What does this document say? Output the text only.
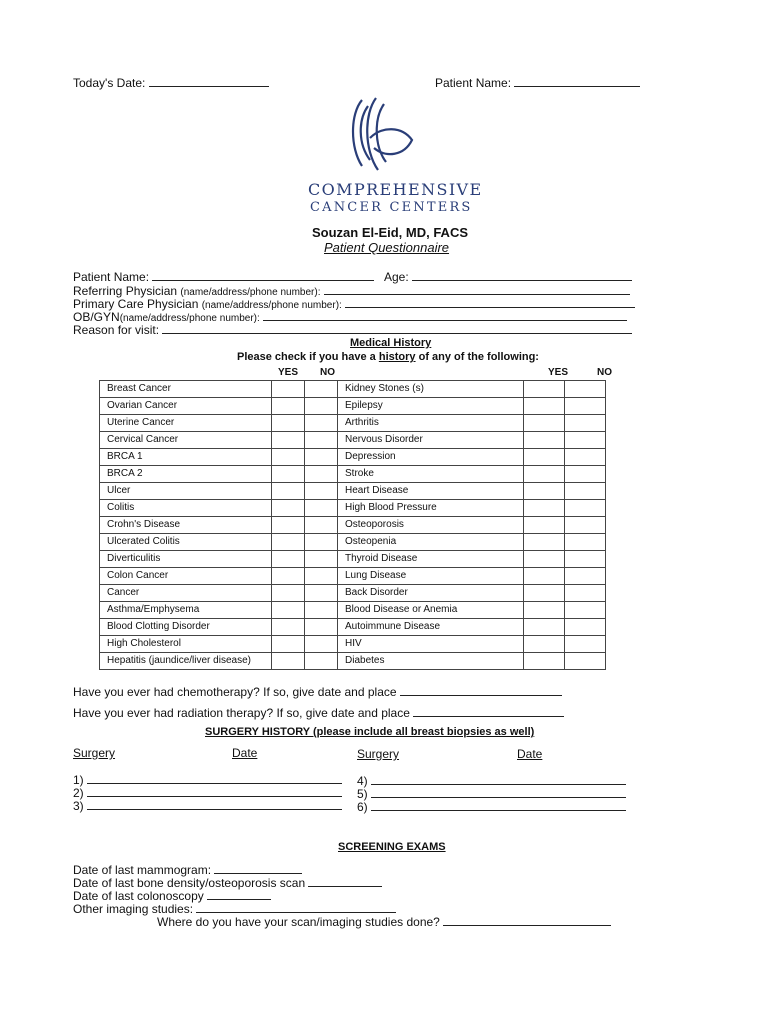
Today's Date:	Patient Name:
COMPREHENSIVE
CANCER CENTERS
Souzan El-Eid, MD, FACS
Patient Questionnaire
Patient Name:	Age:
Referring Physician (name/address/phone number):
Primary Care Physician (name/address/phone number):
OB/GYN(name/address/phone number):
Reason for visit:
Medical History
Please check if you have a history of any of the following:
YES NO	YES	NO
Breast Cancer			Kidney Stones (s)		
Ovarian Cancer			Epilepsy		
Uterine Cancer			Arthritis		
Cervical Cancer			Nervous Disorder		
BRCA 1			Depression		
BRCA 2			Stroke		
Ulcer			Heart Disease		
Colitis			High Blood Pressure		
Crohn's Disease			Osteoporosis		
Ulcerated Colitis			Osteopenia		
Diverticulitis			Thyroid Disease		
Colon Cancer			Lung Disease		
Cancer			Back Disorder		
Asthma/Emphysema			Blood Disease or Anemia		
Blood Clotting Disorder			Autoimmune Disease		
High Cholesterol			HIV		
Hepatitis (jaundice/liver disease)			Diabetes		
Have you ever had chemotherapy? If so, give date and place
Have you ever had radiation therapy? If so, give date and place
SURGERY HISTORY (please include all breast biopsies as well)
Surgery	Date	Surgery	Date
1)
2)
3)
4)
5)
6)
SCREENING EXAMS
Date of last mammogram:
Date of last bone density/osteoporosis scan
Date of last colonoscopy
Other imaging studies:
Where do you have your scan/imaging studies done?
